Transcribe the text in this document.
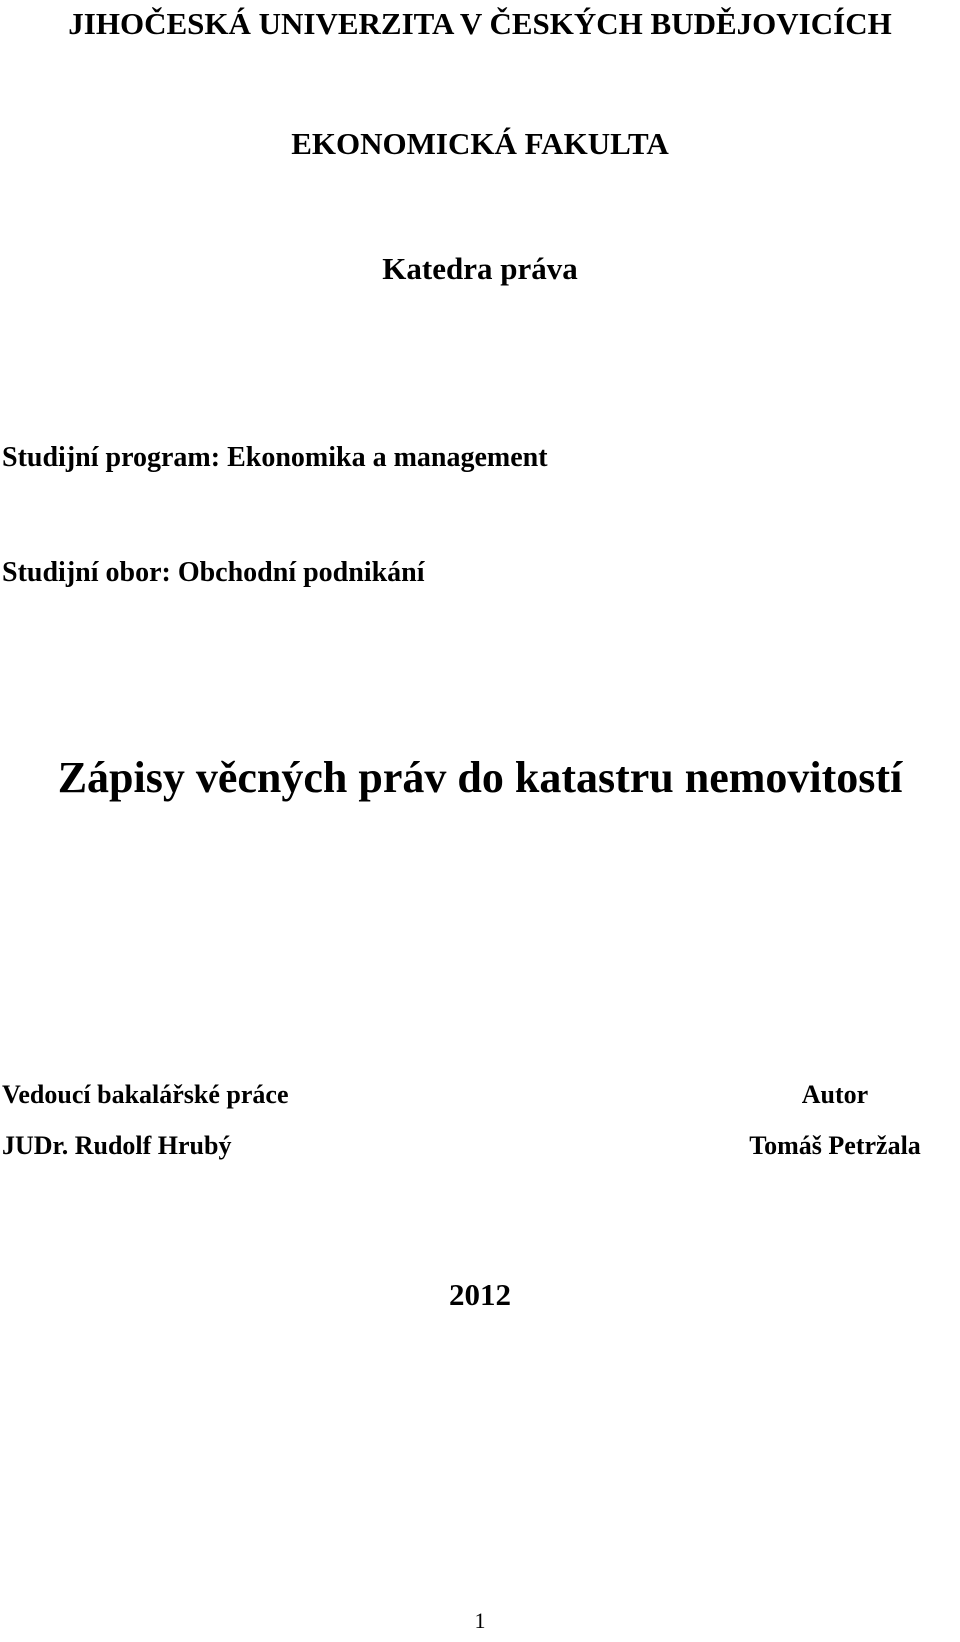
JIHOČESKÁ UNIVERZITA V ČESKÝCH BUDĚJOVICÍCH
EKONOMICKÁ FAKULTA
Katedra práva
Studijní program: Ekonomika a management
Studijní obor: Obchodní podnikání
Zápisy věcných práv do katastru nemovitostí
Vedoucí bakalářské práce
JUDr. Rudolf Hrubý
Autor
Tomáš Petržala
2012
1
